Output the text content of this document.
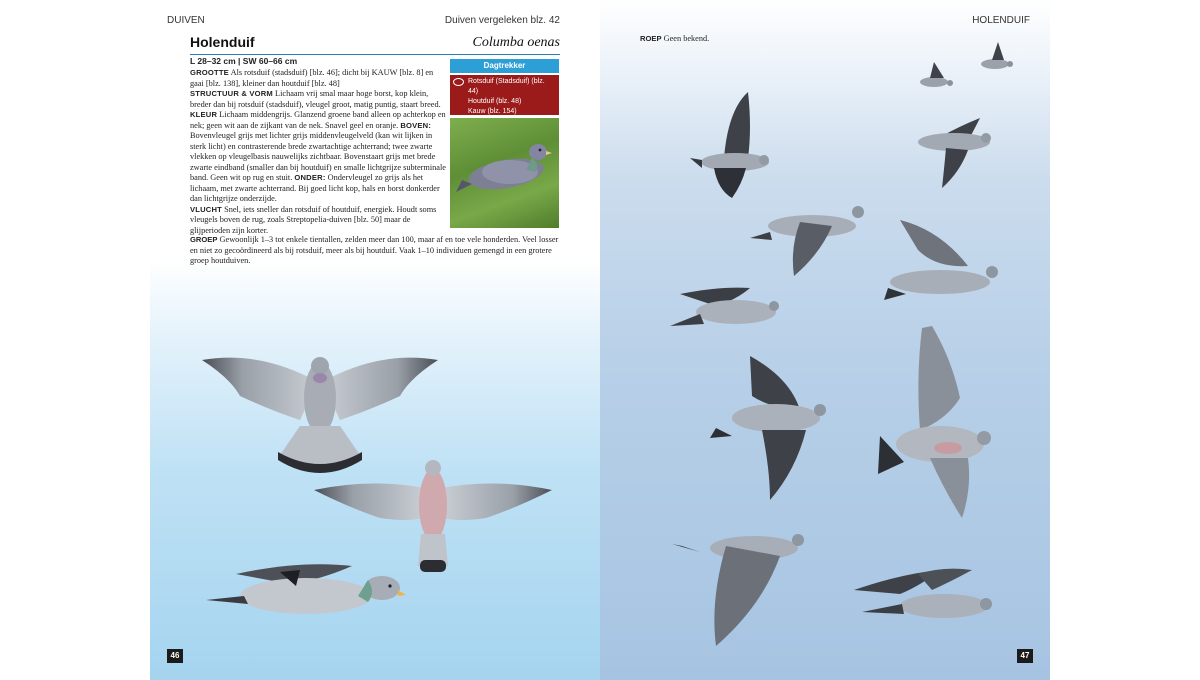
DUIVEN	Duiven vergeleken blz. 42	HOLENDUIF
Holenduif	Columba oenas
L 28–32 cm | SW 60–66 cm

GROOTTE Als rotsduif (stadsduif) [blz. 46]; dicht bij KAUW [blz. 8] en gaai [blz. 138], kleiner dan houtduif [blz. 48]

STRUCTUUR & VORM Lichaam vrij smal maar hoge borst, kop klein, breder dan bij rotsduif (stadsduif), vleugel groot, matig puntig, staart breed.

KLEUR Lichaam middengrijs. Glanzend groene band alleen op achterkop en nek; geen wit aan de zijkant van de nek. Snavel geel en oranje. BOVEN: Bovenvleugel grijs met lichter grijs middenvleugelveld (kan wit lijken in sterk licht) en contrasterende brede zwartachtige achterrand; twee zwarte vlekken op vleugelbasis nauwelijks zichtbaar. Bovenstaart grijs met brede zwarte eindband (smaller dan bij houtduif) en smalle lichtgrijze subterminale band. Geen wit op rug en stuit. ONDER: Ondervleugel zo grijs als het lichaam, met zwarte achterrand. Bij goed licht kop, hals en borst donkerder dan lichtgrijze onderzijde.

VLUCHT Snel, iets sneller dan rotsduif of houtduif, energiek. Houdt soms vleugels boven de rug, zoals Streptopelia-duiven [blz. 50] maar de glijperioden zijn korter.

GROEP Gewoonlijk 1–3 tot enkele tientallen, zelden meer dan 100, maar af en toe vele honderden. Veel losser en niet zo gecoördineerd als bij rotsduif, meer als bij houtduif. Vaak 1–10 individuen gemengd in een grotere groep houtduiven.
Dagtrekker
Rotsduif (Stadsduif) (blz. 44)
Houtduif (blz. 48)
Kauw (blz. 154)
ROEP Geen bekend.
46	47
